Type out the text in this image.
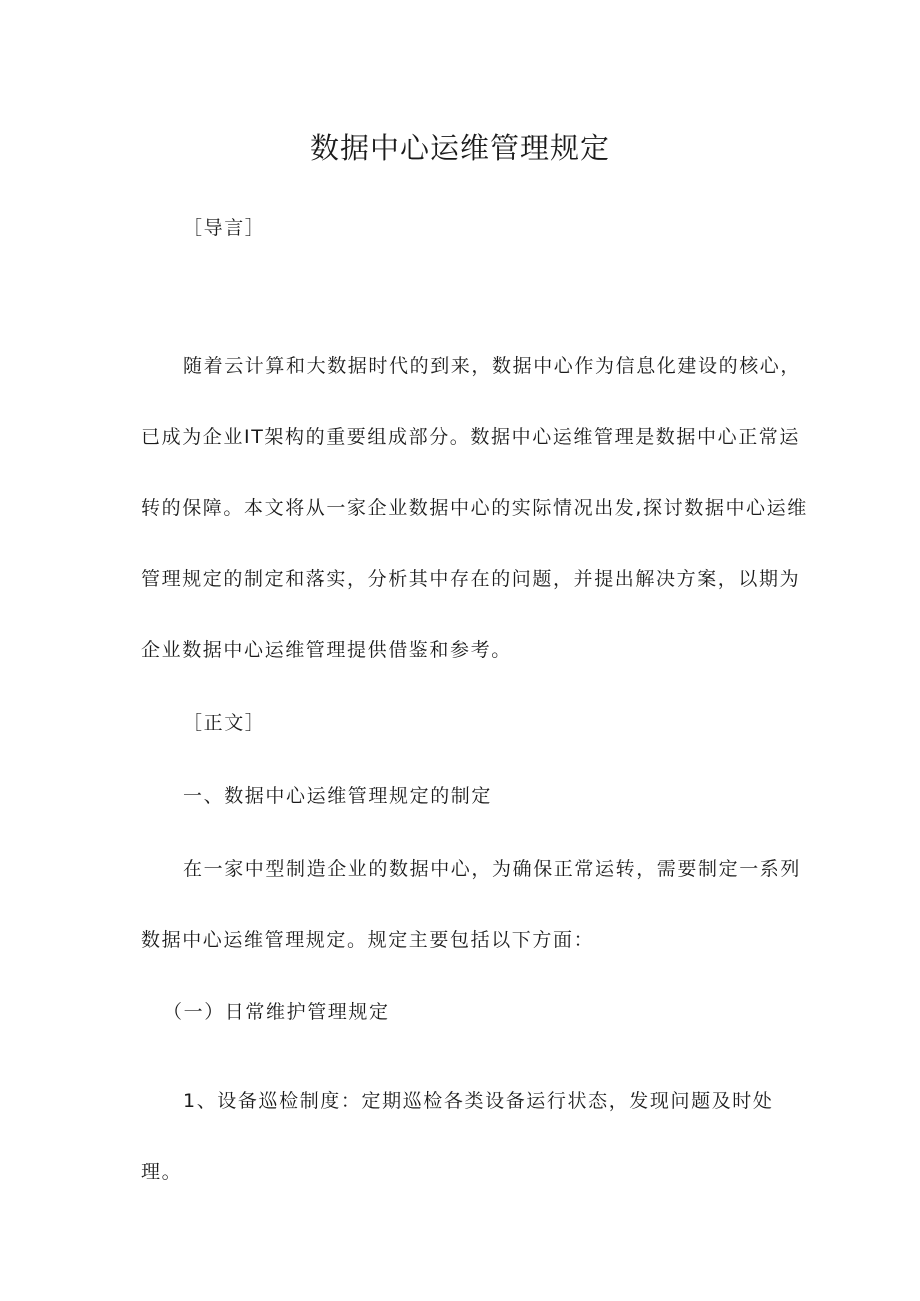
数据中心运维管理规定

［导言］

随着云计算和大数据时代的到来，数据中心作为信息化建设的核心，

已成为企业IT架构的重要组成部分。数据中心运维管理是数据中心正常运

转的保障。本文将从一家企业数据中心的实际情况出发,探讨数据中心运维

管理规定的制定和落实，分析其中存在的问题，并提出解决方案，以期为

企业数据中心运维管理提供借鉴和参考。

［正文］

一、数据中心运维管理规定的制定

在一家中型制造企业的数据中心，为确保正常运转，需要制定一系列

数据中心运维管理规定。规定主要包括以下方面：

（一）日常维护管理规定

1、设备巡检制度：定期巡检各类设备运行状态，发现问题及时处

理。
